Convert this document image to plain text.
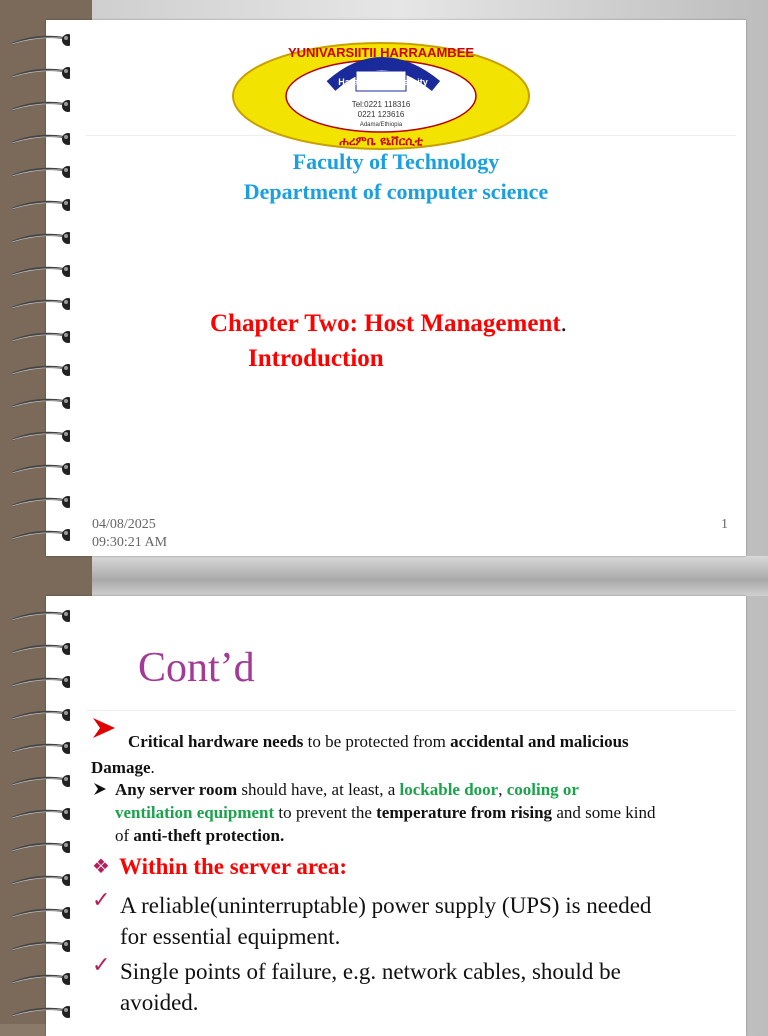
YUNIVARSIITII HARRAAMBEE
ሐረምቤ ዩኒቨርሲቲ
Harambee University
Tel:0221 118316
0221 123616
Adama/Ethiopia
Faculty of Technology
Department of computer science
Chapter Two: Host Management.
Introduction
04/08/2025
09:30:21 AM
1
Cont’d
Critical hardware needs to be protected from accidental and malicious
Damage.
Any server room should have, at least, a lockable door, cooling or
ventilation equipment to prevent the temperature from rising and some kind
of anti-theft protection.
❖ Within the server area:
✓ A reliable(uninterruptable) power supply (UPS) is needed
for essential equipment.
✓ Single points of failure, e.g. network cables, should be
avoided.
